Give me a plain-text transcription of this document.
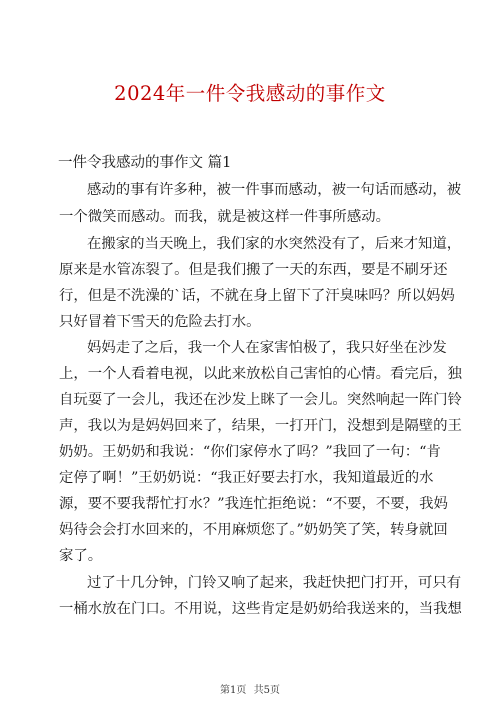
2024年一件令我感动的事作文
一件令我感动的事作文 篇1

感动的事有许多种，被一件事而感动，被一句话而感动，被

一个微笑而感动。而我，就是被这样一件事所感动。

在搬家的当天晚上，我们家的水突然没有了，后来才知道，

原来是水管冻裂了。但是我们搬了一天的东西，要是不刷牙还

行，但是不洗澡的`话，不就在身上留下了汗臭味吗？所以妈妈

只好冒着下雪天的危险去打水。

妈妈走了之后，我一个人在家害怕极了，我只好坐在沙发

上，一个人看着电视，以此来放松自己害怕的心情。看完后，独

自玩耍了一会儿，我还在沙发上眯了一会儿。突然响起一阵门铃

声，我以为是妈妈回来了，结果，一打开门，没想到是隔壁的王

奶奶。王奶奶和我说：“你们家停水了吗？”我回了一句：“肯

定停了啊！”王奶奶说：“我正好要去打水，我知道最近的水

源，要不要我帮忙打水？”我连忙拒绝说：“不要，不要，我妈

妈待会会打水回来的，不用麻烦您了。”奶奶笑了笑，转身就回

家了。

过了十几分钟，门铃又响了起来，我赶快把门打开，可只有

一桶水放在门口。不用说，这些肯定是奶奶给我送来的，当我想

第1页 共5页
